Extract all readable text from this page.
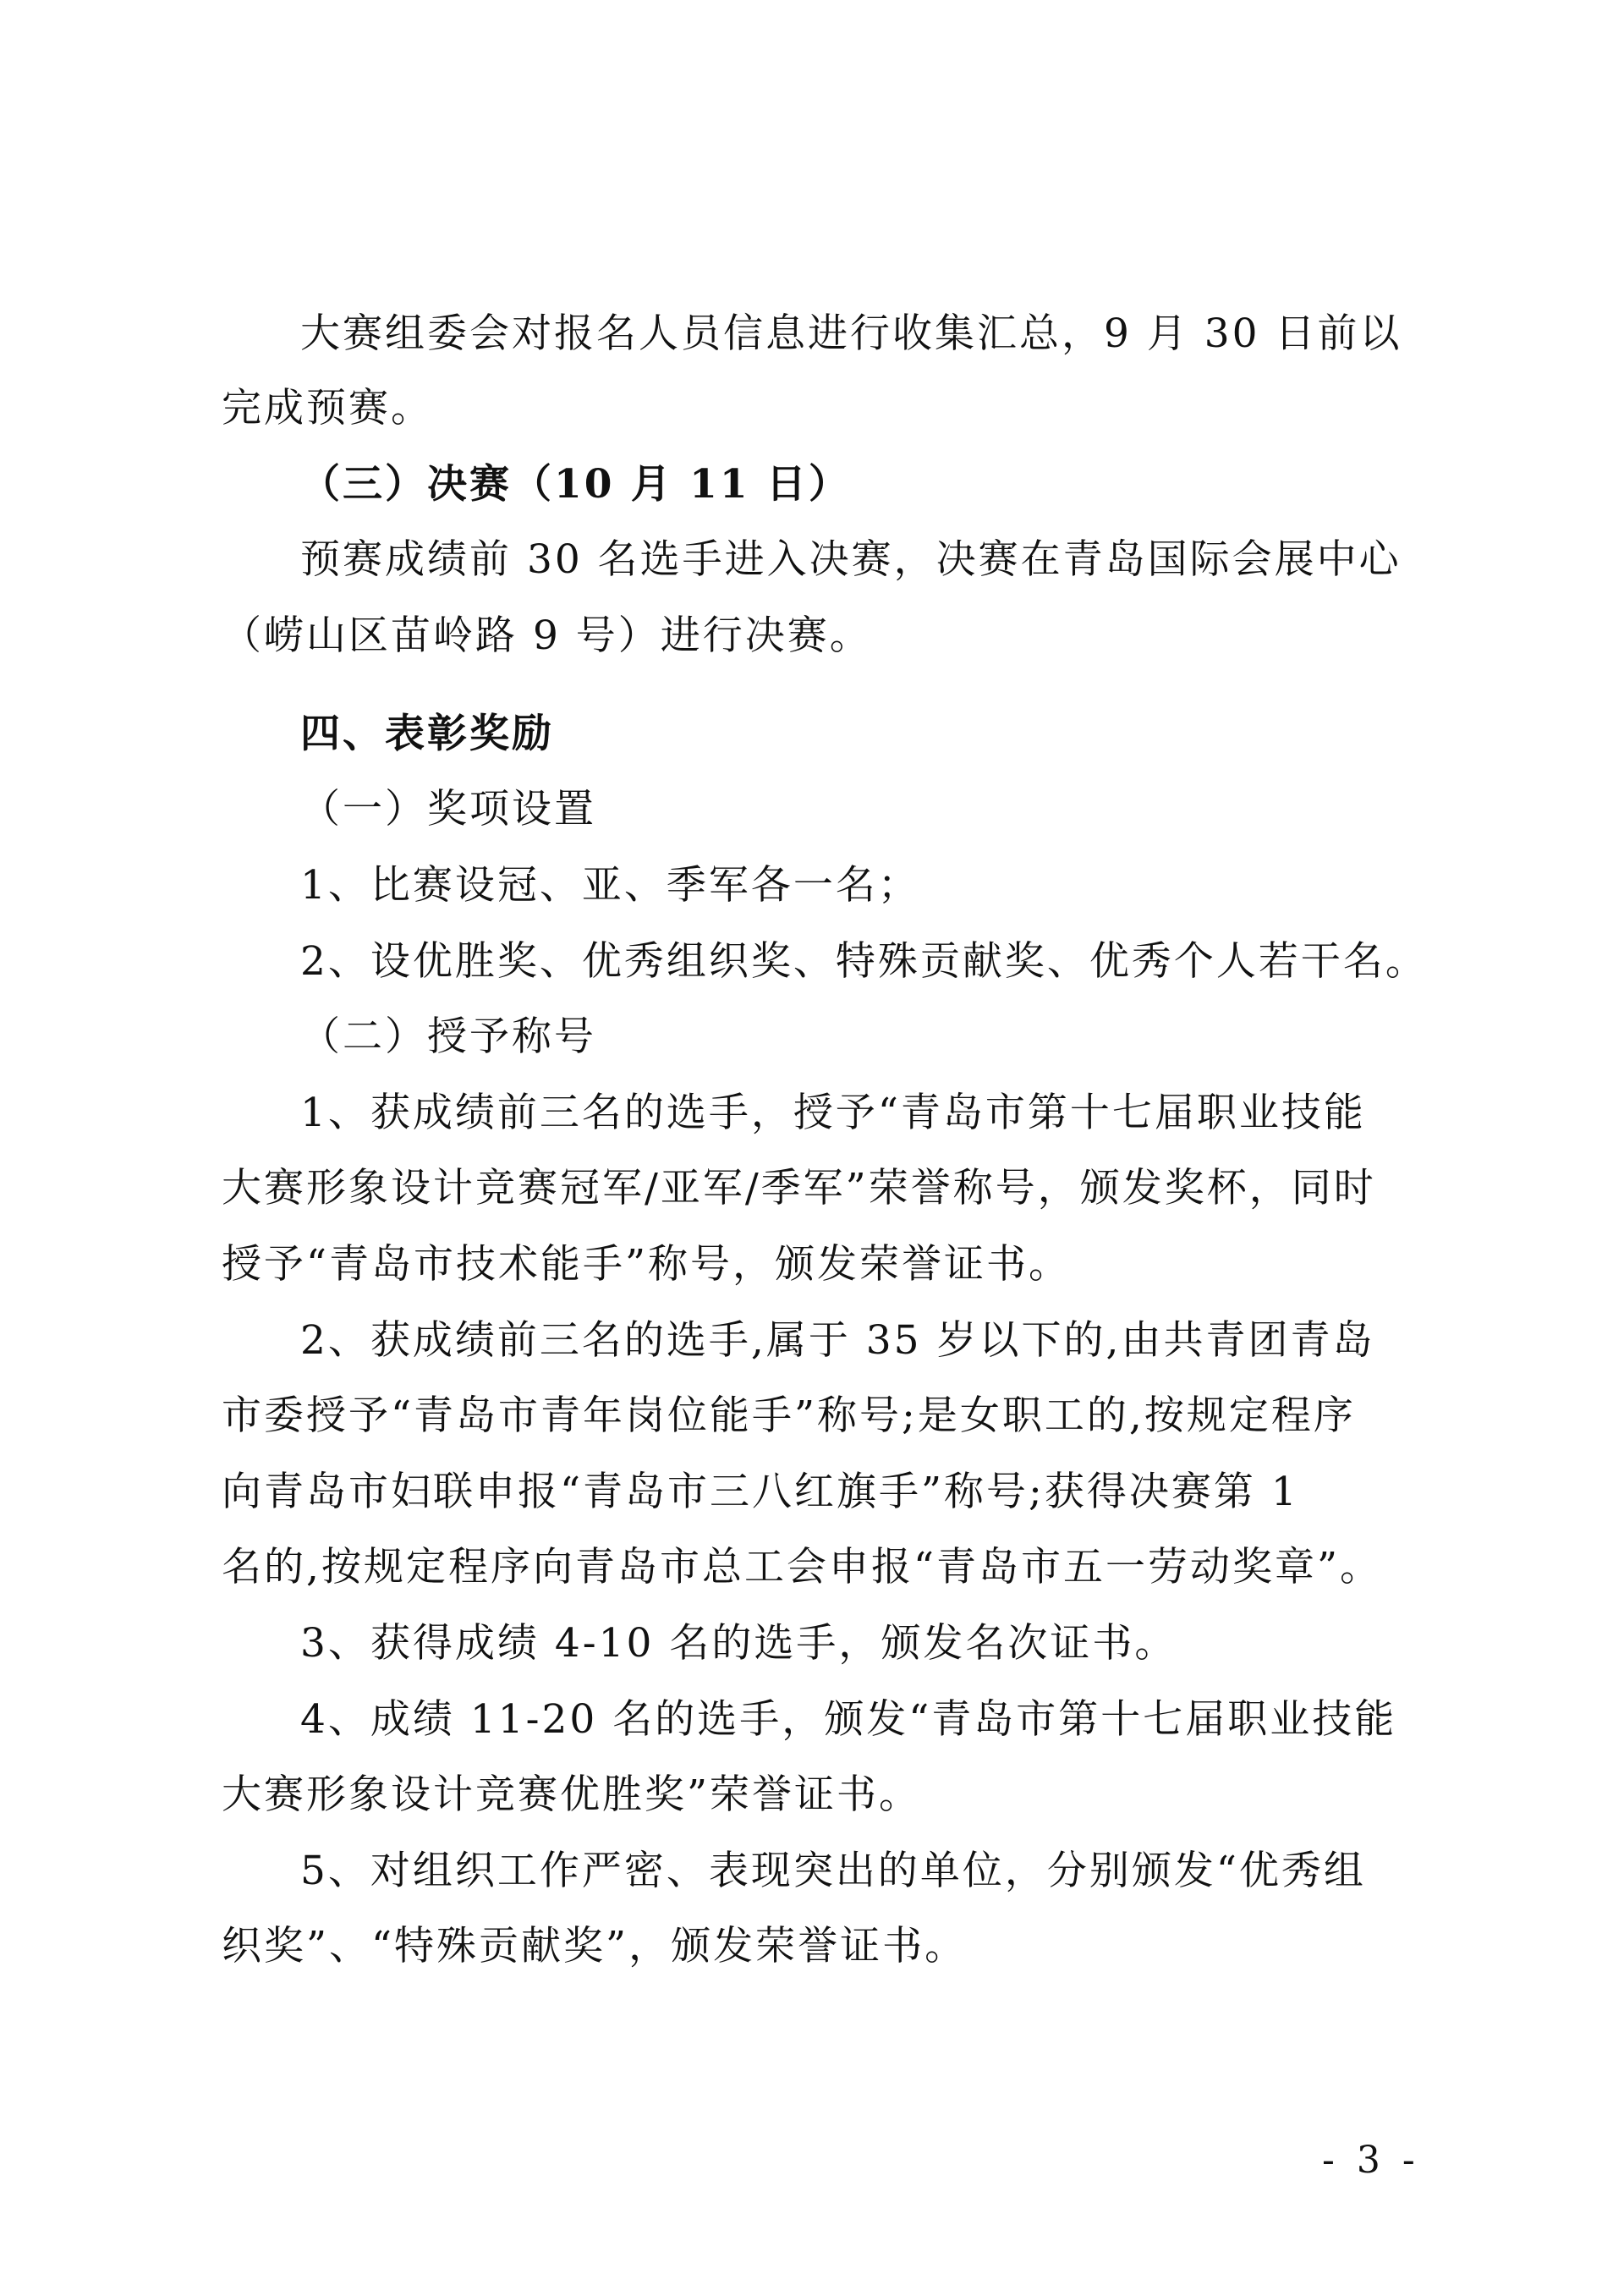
大赛组委会对报名人员信息进行收集汇总，9 月 30 日前以
完成预赛。
（三）决赛（10 月 11 日）
预赛成绩前 30 名选手进入决赛，决赛在青岛国际会展中心
（崂山区苗岭路 9 号）进行决赛。
四、表彰奖励
（一）奖项设置
1、比赛设冠、亚、季军各一名；
2、设优胜奖、优秀组织奖、特殊贡献奖、优秀个人若干名。
（二）授予称号
1、获成绩前三名的选手，授予“青岛市第十七届职业技能
大赛形象设计竞赛冠军/亚军/季军”荣誉称号，颁发奖杯，同时
授予“青岛市技术能手”称号，颁发荣誉证书。
2、获成绩前三名的选手,属于 35 岁以下的,由共青团青岛
市委授予“青岛市青年岗位能手”称号;是女职工的,按规定程序
向青岛市妇联申报“青岛市三八红旗手”称号;获得决赛第 1
名的,按规定程序向青岛市总工会申报“青岛市五一劳动奖章”。
3、获得成绩 4-10 名的选手，颁发名次证书。
4、成绩 11-20 名的选手，颁发“青岛市第十七届职业技能
大赛形象设计竞赛优胜奖”荣誉证书。
5、对组织工作严密、表现突出的单位，分别颁发“优秀组
织奖”、“特殊贡献奖”，颁发荣誉证书。
- 3 -
